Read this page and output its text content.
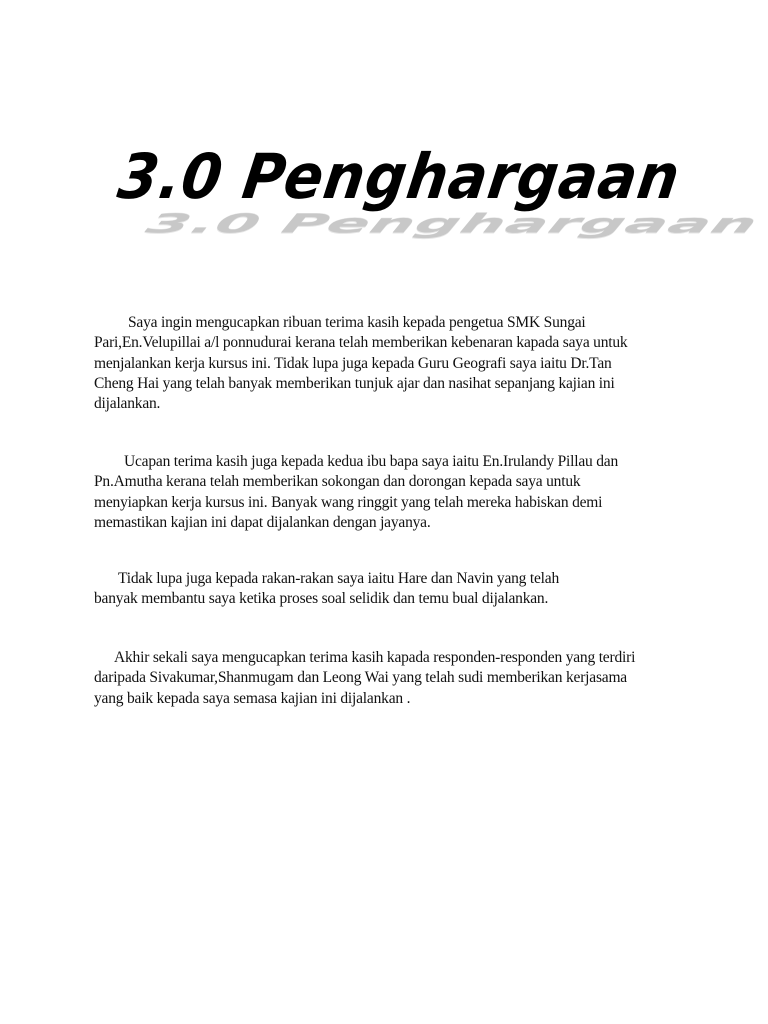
3.0 Penghargaan
3.0 Penghargaan
Saya ingin mengucapkan ribuan terima kasih kepada pengetua SMK Sungai
Pari,En.Velupillai a/l ponnudurai kerana telah memberikan kebenaran kapada saya untuk
menjalankan kerja kursus ini. Tidak lupa juga kepada Guru Geografi saya iaitu Dr.Tan
Cheng Hai yang telah banyak memberikan tunjuk ajar dan nasihat sepanjang kajian ini
dijalankan.
Ucapan terima kasih juga kepada kedua ibu bapa saya iaitu En.Irulandy Pillau dan
Pn.Amutha kerana telah memberikan sokongan dan dorongan kepada saya untuk
menyiapkan kerja kursus ini. Banyak wang ringgit yang telah mereka habiskan demi
memastikan kajian ini dapat dijalankan dengan jayanya.
Tidak lupa juga kepada rakan-rakan saya iaitu Hare dan Navin yang telah
banyak membantu saya ketika proses soal selidik dan temu bual dijalankan.
Akhir sekali saya mengucapkan terima kasih kapada responden-responden yang terdiri
daripada Sivakumar,Shanmugam dan Leong Wai yang telah sudi memberikan kerjasama
yang baik kepada saya semasa kajian ini dijalankan .
